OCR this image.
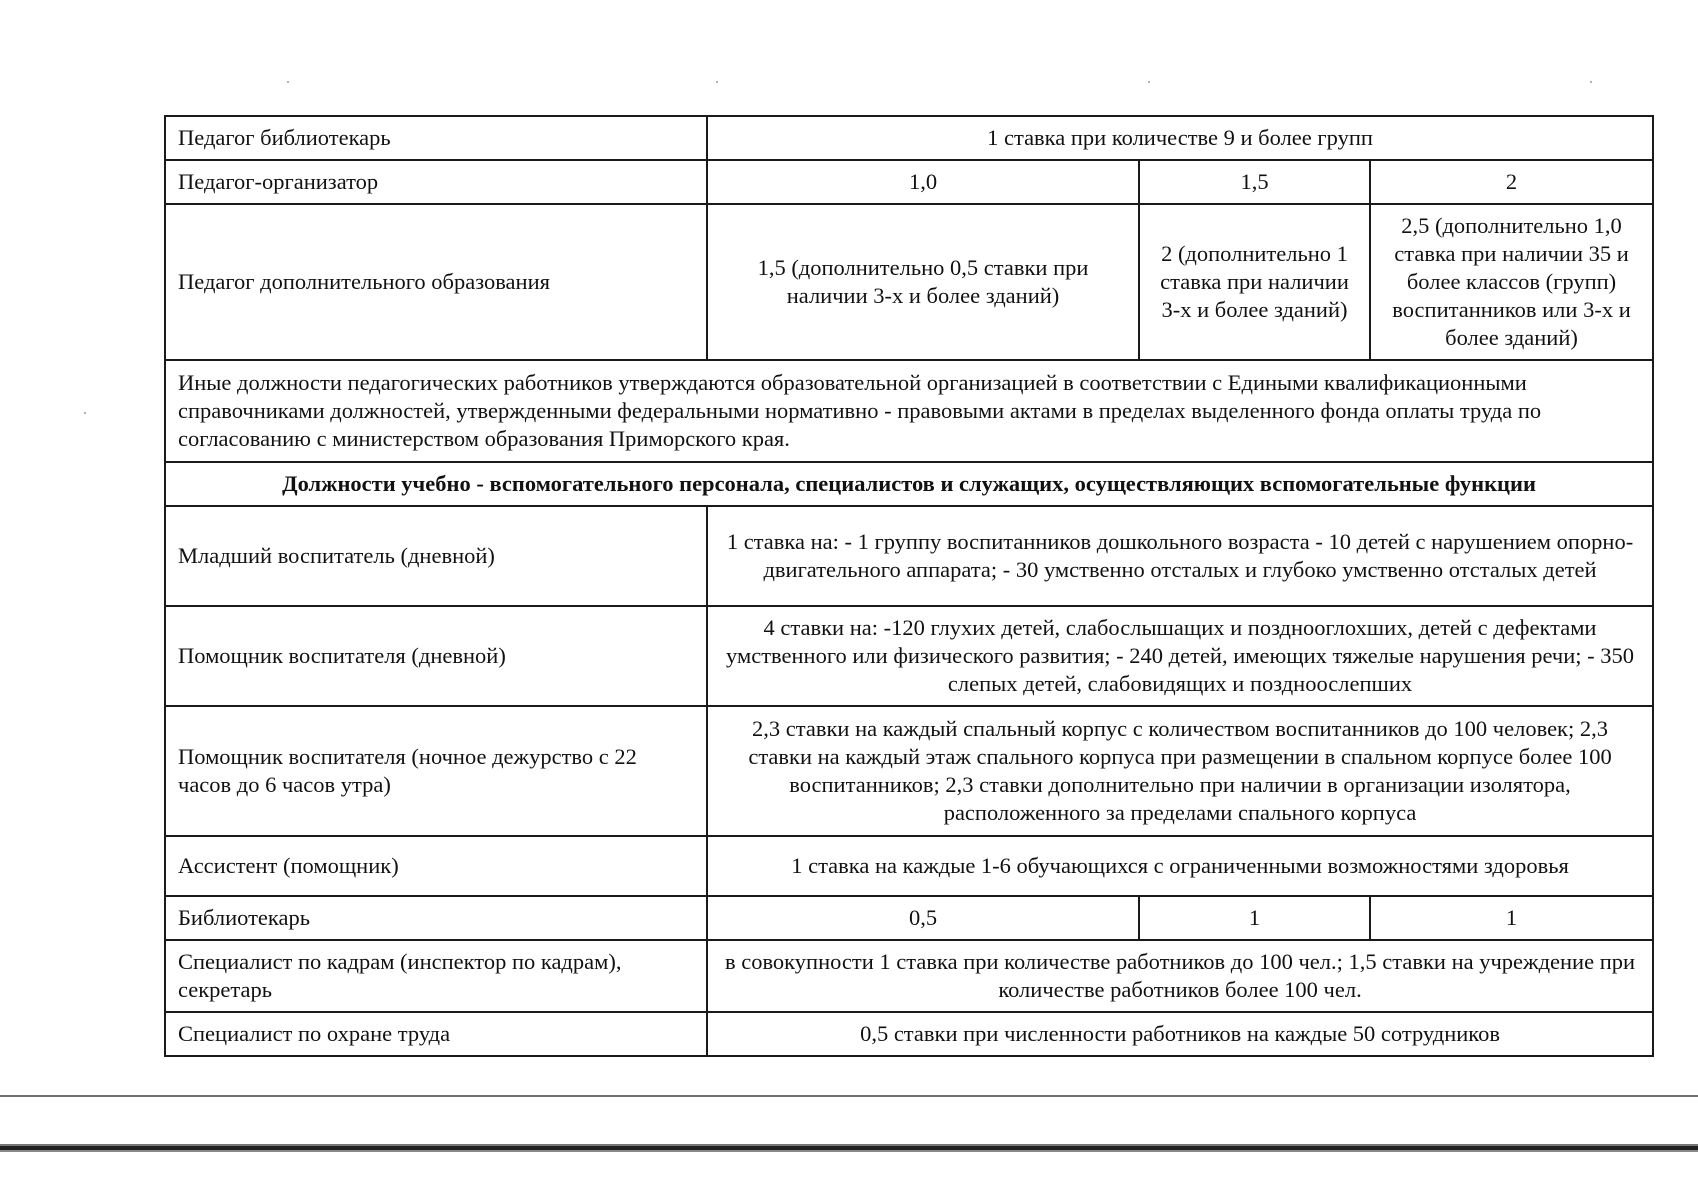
Педагог библиотекарь	1 ставка при количестве 9 и более групп		
Педагог-организатор	1,0	1,5	2
Педагог дополнительного образования	1,5 (дополнительно 0,5 ставки при наличии 3-х и более зданий)	2 (дополнительно 1 ставка при наличии 3-х и более зданий)	2,5 (дополнительно 1,0 ставка при наличии 35 и более классов (групп) воспитанников или 3-х и более зданий)
Иные должности педагогических работников утверждаются образовательной организацией в соответствии с Едиными квалификационными справочниками должностей, утвержденными федеральными нормативно - правовыми актами в пределах выделенного фонда оплаты труда по согласованию с министерством образования Приморского края.			
Должности учебно - вспомогательного персонала, специалистов и служащих, осуществляющих вспомогательные функции			
Младший воспитатель (дневной)	1 ставка на: - 1 группу воспитанников дошкольного возраста - 10 детей с нарушением опорно-двигательного аппарата; - 30 умственно отсталых и глубоко умственно отсталых детей		
Помощник воспитателя (дневной)	4 ставки на: -120 глухих детей, слабослышащих и позднооглохших, детей с дефектами умственного или физического развития; - 240 детей, имеющих тяжелые нарушения речи; - 350 слепых детей, слабовидящих и поздноослепших		
Помощник воспитателя (ночное дежурство с 22 часов до 6 часов утра)	2,3 ставки на каждый спальный корпус с количеством воспитанников до 100 человек; 2,3 ставки на каждый этаж спального корпуса при размещении в спальном корпусе более 100 воспитанников; 2,3 ставки дополнительно при наличии в организации изолятора, расположенного за пределами спального корпуса		
Ассистент (помощник)	1 ставка на каждые 1-6 обучающихся с ограниченными возможностями здоровья		
Библиотекарь	0,5	1	1
Специалист по кадрам (инспектор по кадрам), секретарь	в совокупности 1 ставка при количестве работников до 100 чел.; 1,5 ставки на учреждение при количестве работников более 100 чел.		
Специалист по охране труда	0,5 ставки при численности работников на каждые 50 сотрудников		
